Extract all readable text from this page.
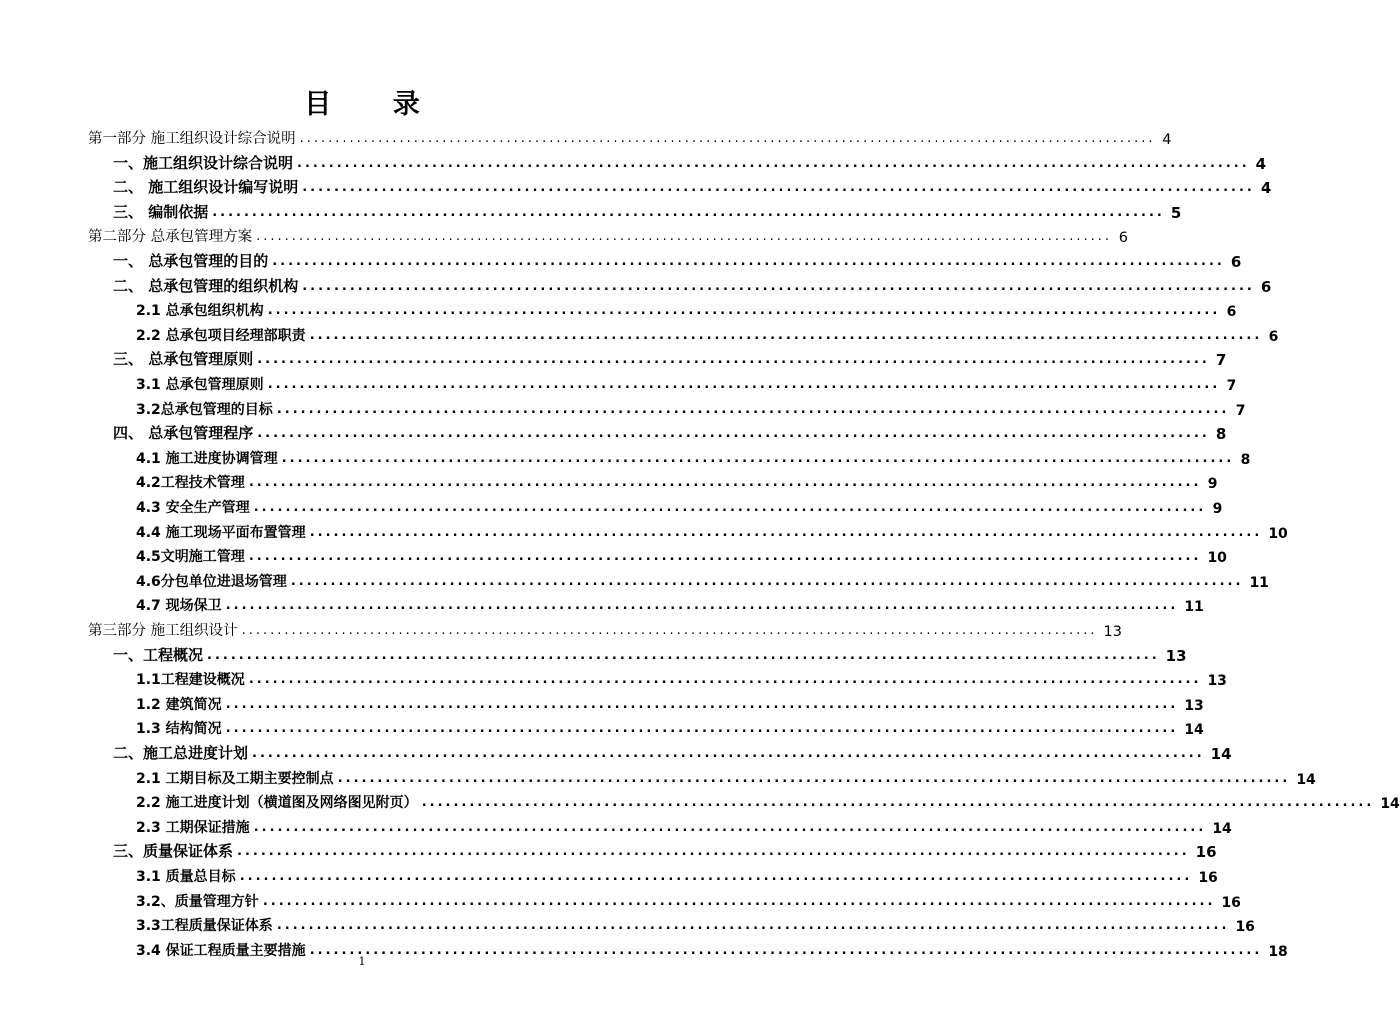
目 录
第一部分 施工组织设计综合说明 ........................................................................................................................ 4
一、施工组织设计综合说明 ........................................................................................................................ 4
二、 施工组织设计编写说明 ........................................................................................................................ 4
三、 编制依据 ........................................................................................................................ 5
第二部分 总承包管理方案 ........................................................................................................................ 6
一、 总承包管理的目的 ........................................................................................................................ 6
二、 总承包管理的组织机构 ........................................................................................................................ 6
2.1 总承包组织机构 ........................................................................................................................ 6
2.2 总承包项目经理部职责 ........................................................................................................................ 6
三、 总承包管理原则 ........................................................................................................................ 7
3.1 总承包管理原则 ........................................................................................................................ 7
3.2总承包管理的目标 ........................................................................................................................ 7
四、 总承包管理程序 ........................................................................................................................ 8
4.1 施工进度协调管理 ........................................................................................................................ 8
4.2工程技术管理 ........................................................................................................................ 9
4.3 安全生产管理 ........................................................................................................................ 9
4.4 施工现场平面布置管理 ........................................................................................................................ 10
4.5文明施工管理 ........................................................................................................................ 10
4.6分包单位进退场管理 ........................................................................................................................ 11
4.7 现场保卫 ........................................................................................................................ 11
第三部分 施工组织设计 ........................................................................................................................ 13
一、工程概况 ........................................................................................................................ 13
1.1工程建设概况 ........................................................................................................................ 13
1.2 建筑简况 ........................................................................................................................ 13
1.3 结构简况 ........................................................................................................................ 14
二、施工总进度计划 ........................................................................................................................ 14
2.1 工期目标及工期主要控制点 ........................................................................................................................ 14
2.2 施工进度计划（横道图及网络图见附页） ........................................................................................................................ 14
2.3 工期保证措施 ........................................................................................................................ 14
三、质量保证体系 ........................................................................................................................ 16
3.1 质量总目标 ........................................................................................................................ 16
3.2、质量管理方针 ........................................................................................................................ 16
3.3工程质量保证体系 ........................................................................................................................ 16
3.4 保证工程质量主要措施 ........................................................................................................................ 18
1
